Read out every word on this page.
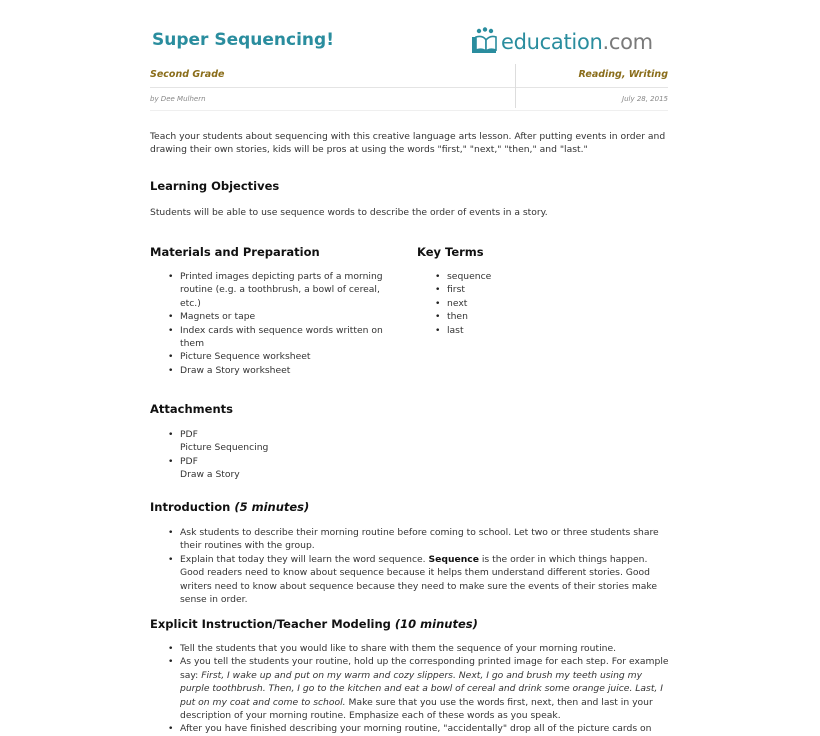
Super Sequencing!	education.com
Second Grade	Reading, Writing
by Dee Mulhern	July 28, 2015

Teach your students about sequencing with this creative language arts lesson. After putting events in order and
drawing their own stories, kids will be pros at using the words "first," "next," "then," and "last."

Learning Objectives

Students will be able to use sequence words to describe the order of events in a story.

Materials and Preparation
• Printed images depicting parts of a morning
routine (e.g. a toothbrush, a bowl of cereal,
etc.)
• Magnets or tape
• Index cards with sequence words written on
them
• Picture Sequence worksheet
• Draw a Story worksheet
Key Terms
• sequence
• first
• next
• then
• last
Attachments
• PDF
Picture Sequencing
• PDF
Draw a Story
Introduction (5 minutes)
• Ask students to describe their morning routine before coming to school. Let two or three students share
their routines with the group.
• Explain that today they will learn the word sequence. Sequence is the order in which things happen.
Good readers need to know about sequence because it helps them understand different stories. Good
writers need to know about sequence because they need to make sure the events of their stories make
sense in order.
Explicit Instruction/Teacher Modeling (10 minutes)
• Tell the students that you would like to share with them the sequence of your morning routine.
• As you tell the students your routine, hold up the corresponding printed image for each step. For example
say: First, I wake up and put on my warm and cozy slippers. Next, I go and brush my teeth using my
purple toothbrush. Then, I go to the kitchen and eat a bowl of cereal and drink some orange juice. Last, I
put on my coat and come to school. Make sure that you use the words first, next, then and last in your
description of your morning routine. Emphasize each of these words as you speak.
• After you have finished describing your morning routine, "accidentally" drop all of the picture cards on
